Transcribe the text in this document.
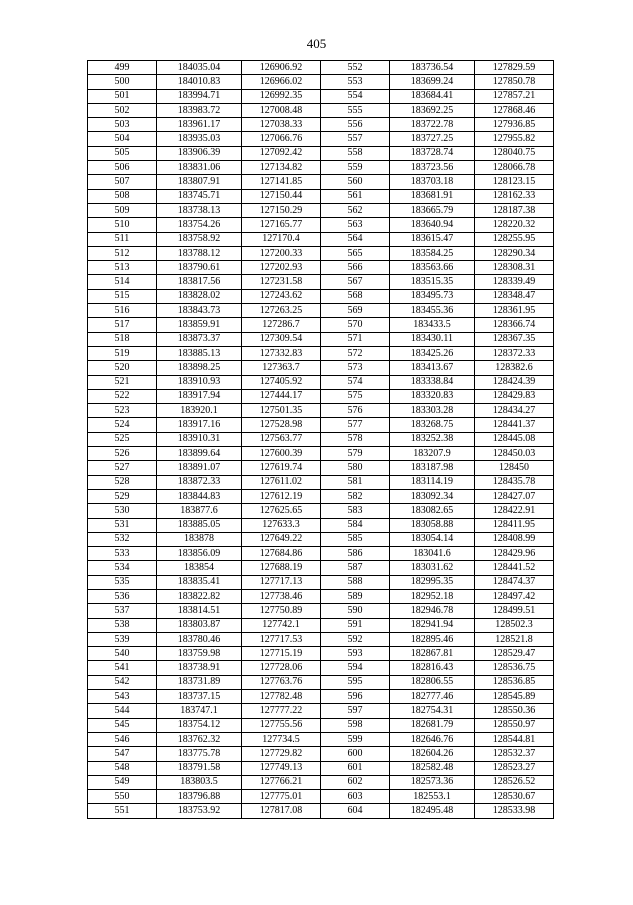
405
499	184035.04	126906.92	552	183736.54	127829.59
500	184010.83	126966.02	553	183699.24	127850.78
501	183994.71	126992.35	554	183684.41	127857.21
502	183983.72	127008.48	555	183692.25	127868.46
503	183961.17	127038.33	556	183722.78	127936.85
504	183935.03	127066.76	557	183727.25	127955.82
505	183906.39	127092.42	558	183728.74	128040.75
506	183831.06	127134.82	559	183723.56	128066.78
507	183807.91	127141.85	560	183703.18	128123.15
508	183745.71	127150.44	561	183681.91	128162.33
509	183738.13	127150.29	562	183665.79	128187.38
510	183754.26	127165.77	563	183640.94	128220.32
511	183758.92	127170.4	564	183615.47	128255.95
512	183788.12	127200.33	565	183584.25	128290.34
513	183790.61	127202.93	566	183563.66	128308.31
514	183817.56	127231.58	567	183515.35	128339.49
515	183828.02	127243.62	568	183495.73	128348.47
516	183843.73	127263.25	569	183455.36	128361.95
517	183859.91	127286.7	570	183433.5	128366.74
518	183873.37	127309.54	571	183430.11	128367.35
519	183885.13	127332.83	572	183425.26	128372.33
520	183898.25	127363.7	573	183413.67	128382.6
521	183910.93	127405.92	574	183338.84	128424.39
522	183917.94	127444.17	575	183320.83	128429.83
523	183920.1	127501.35	576	183303.28	128434.27
524	183917.16	127528.98	577	183268.75	128441.37
525	183910.31	127563.77	578	183252.38	128445.08
526	183899.64	127600.39	579	183207.9	128450.03
527	183891.07	127619.74	580	183187.98	128450
528	183872.33	127611.02	581	183114.19	128435.78
529	183844.83	127612.19	582	183092.34	128427.07
530	183877.6	127625.65	583	183082.65	128422.91
531	183885.05	127633.3	584	183058.88	128411.95
532	183878	127649.22	585	183054.14	128408.99
533	183856.09	127684.86	586	183041.6	128429.96
534	183854	127688.19	587	183031.62	128441.52
535	183835.41	127717.13	588	182995.35	128474.37
536	183822.82	127738.46	589	182952.18	128497.42
537	183814.51	127750.89	590	182946.78	128499.51
538	183803.87	127742.1	591	182941.94	128502.3
539	183780.46	127717.53	592	182895.46	128521.8
540	183759.98	127715.19	593	182867.81	128529.47
541	183738.91	127728.06	594	182816.43	128536.75
542	183731.89	127763.76	595	182806.55	128536.85
543	183737.15	127782.48	596	182777.46	128545.89
544	183747.1	127777.22	597	182754.31	128550.36
545	183754.12	127755.56	598	182681.79	128550.97
546	183762.32	127734.5	599	182646.76	128544.81
547	183775.78	127729.82	600	182604.26	128532.37
548	183791.58	127749.13	601	182582.48	128523.27
549	183803.5	127766.21	602	182573.36	128526.52
550	183796.88	127775.01	603	182553.1	128530.67
551	183753.92	127817.08	604	182495.48	128533.98
